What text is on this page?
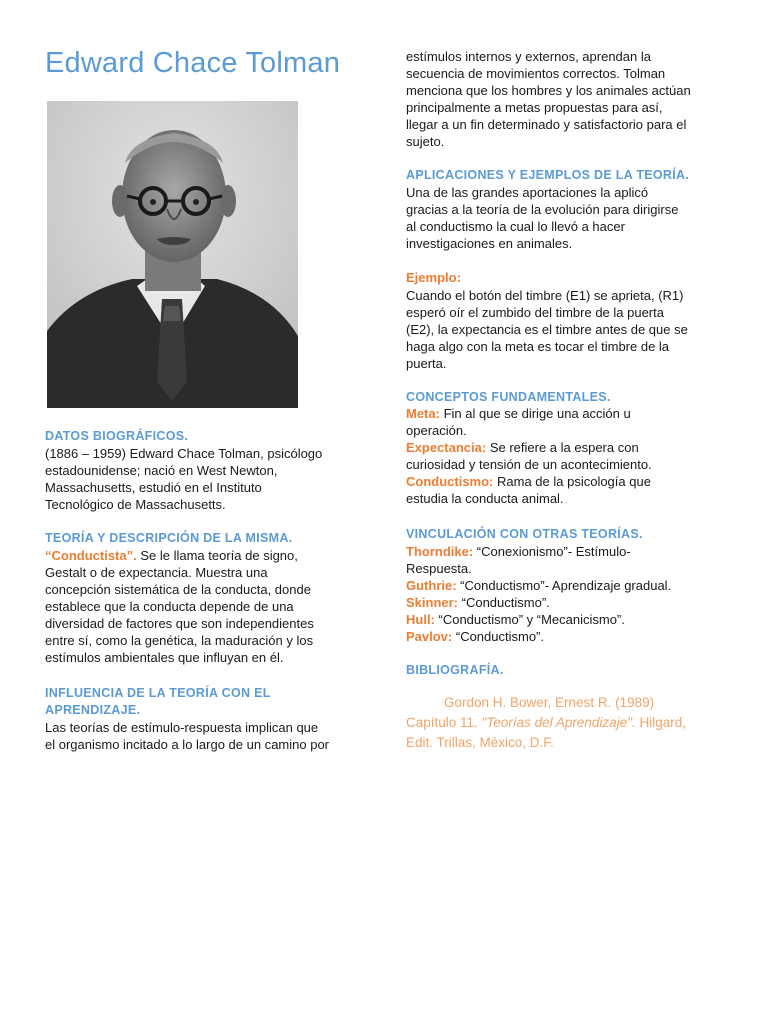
Edward Chace Tolman

DATOS BIOGRÁFICOS.

(1886 – 1959) Edward Chace Tolman, psicólogo

estadounidense; nació en West Newton,

Massachusetts, estudió en el Instituto

Tecnológico de Massachusetts.

TEORÍA Y DESCRIPCIÓN DE LA MISMA.

“Conductista”. Se le llama teoría de signo,

Gestalt o de expectancia. Muestra una

concepción sistemática de la conducta, donde

establece que la conducta depende de una

diversidad de factores que son independientes

entre sí, como la genética, la maduración y los

estímulos ambientales que influyan en él.

INFLUENCIA DE LA TEORÍA CON EL

APRENDIZAJE.

Las teorías de estímulo-respuesta implican que

el organismo incitado a lo largo de un camino por

estímulos internos y externos, aprendan la

secuencia de movimientos correctos. Tolman

menciona que los hombres y los animales actúan

principalmente a metas propuestas para así,

llegar a un fin determinado y satisfactorio para el

sujeto.

APLICACIONES Y EJEMPLOS DE LA TEORÍA.

Una de las grandes aportaciones la aplicó

gracias a la teoría de la evolución para dirigirse

al conductismo la cual lo llevó a hacer

investigaciones en animales.

Ejemplo:

Cuando el botón del timbre (E1) se aprieta, (R1)

esperó oír el zumbido del timbre de la puerta

(E2), la expectancia es el timbre antes de que se

haga algo con la meta es tocar el timbre de la

puerta.

CONCEPTOS FUNDAMENTALES.

Meta: Fin al que se dirige una acción u

operación.

Expectancia: Se refiere a la espera con

curiosidad y tensión de un acontecimiento.

Conductismo: Rama de la psicología que

estudia la conducta animal.

VINCULACIÓN CON OTRAS TEORÍAS.

Thorndike: “Conexionismo”- Estímulo-

Respuesta.

Guthrie: “Conductismo”- Aprendizaje gradual.

Skinner: “Conductismo”.

Hull: “Conductismo” y “Mecanicismo”.

Pavlov: “Conductismo”.

BIBLIOGRAFÍA.

Gordon H. Bower, Ernest R. (1989)

Capítulo 11. "Teorías del Aprendizaje". Hilgard,

Edit. Trillas, México, D.F.
